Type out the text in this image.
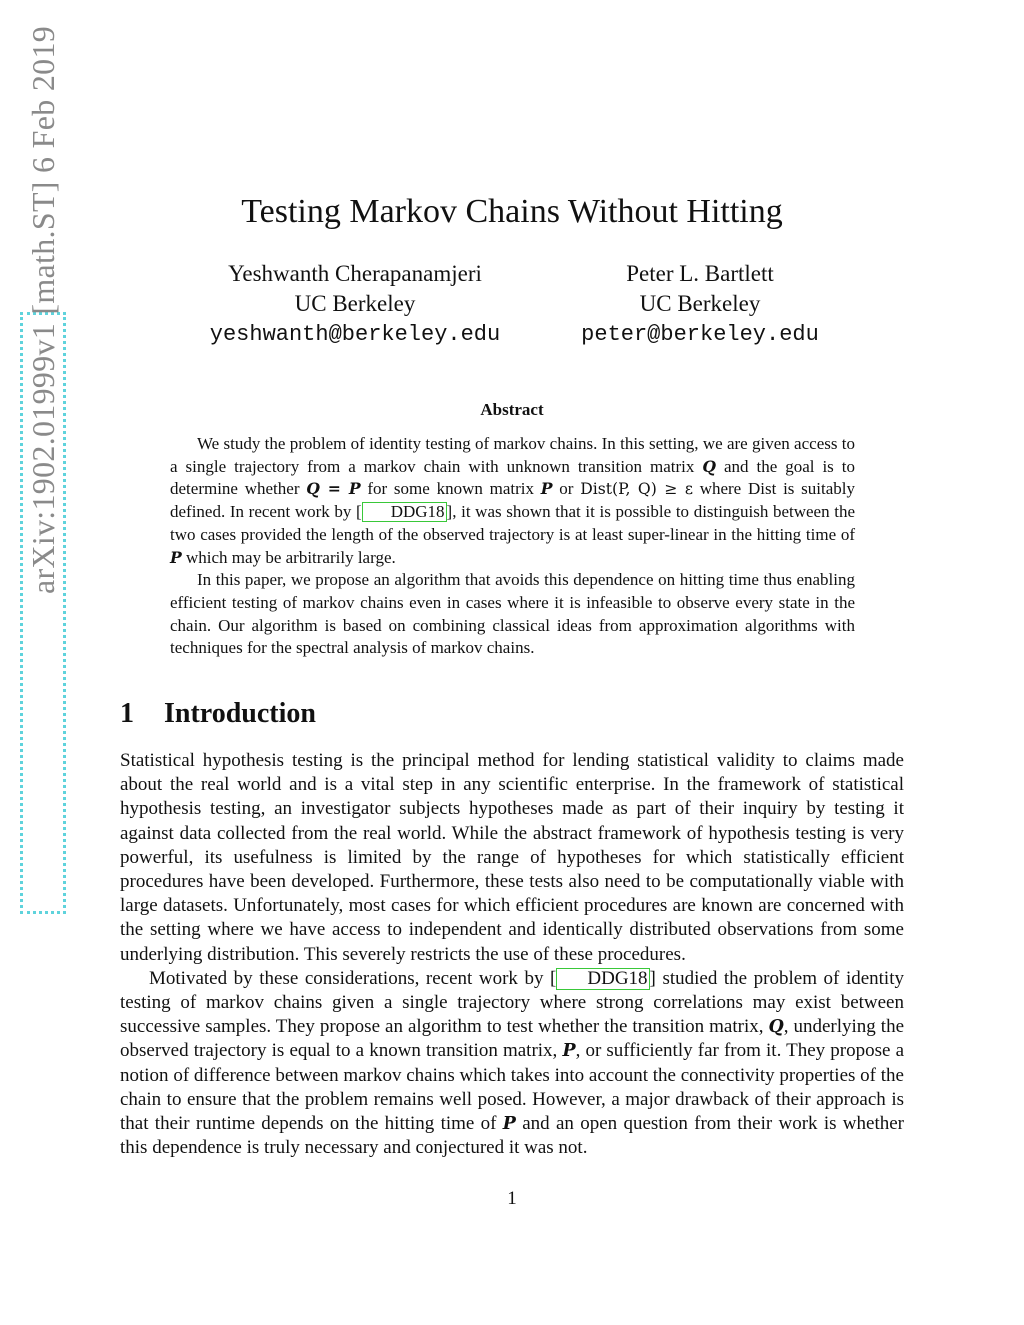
arXiv:1902.01999v1 [math.ST] 6 Feb 2019	Testing Markov Chains Without Hitting
Yeshwanth Cherapanamjeri
UC Berkeley
yeshwanth@berkeley.edu
Peter L. Bartlett
UC Berkeley
peter@berkeley.edu
Abstract

We study the problem of identity testing of markov chains. In this setting, we are given access to a single trajectory from a markov chain with unknown transition matrix Q and the goal is to determine whether Q = P for some known matrix P or Dist(P, Q) ≥ ε where Dist is suitably defined. In recent work by [ DDG18 ], it was shown that it is possible to distinguish between the two cases provided the length of the observed trajectory is at least super-linear in the hitting time of P which may be arbitrarily large.

In this paper, we propose an algorithm that avoids this dependence on hitting time thus enabling efficient testing of markov chains even in cases where it is infeasible to observe every state in the chain. Our algorithm is based on combining classical ideas from approximation algorithms with techniques for the spectral analysis of markov chains.

1 Introduction

Statistical hypothesis testing is the principal method for lending statistical validity to claims made about the real world and is a vital step in any scientific enterprise. In the framework of statistical hypothesis testing, an investigator subjects hypotheses made as part of their inquiry by testing it against data collected from the real world. While the abstract framework of hypothesis testing is very powerful, its usefulness is limited by the range of hypotheses for which statistically efficient procedures have been developed. Furthermore, these tests also need to be computationally viable with large datasets. Unfortunately, most cases for which efficient procedures are known are concerned with the setting where we have access to independent and identically distributed observations from some underlying distribution. This severely restricts the use of these procedures.

Motivated by these considerations, recent work by [ DDG18 ] studied the problem of identity testing of markov chains given a single trajectory where strong correlations may exist between successive samples. They propose an algorithm to test whether the transition matrix, Q, underlying the observed trajectory is equal to a known transition matrix, P, or sufficiently far from it. They propose a notion of difference between markov chains which takes into account the connectivity properties of the chain to ensure that the problem remains well posed. However, a major drawback of their approach is that their runtime depends on the hitting time of P and an open question from their work is whether this dependence is truly necessary and conjectured it was not.

1
